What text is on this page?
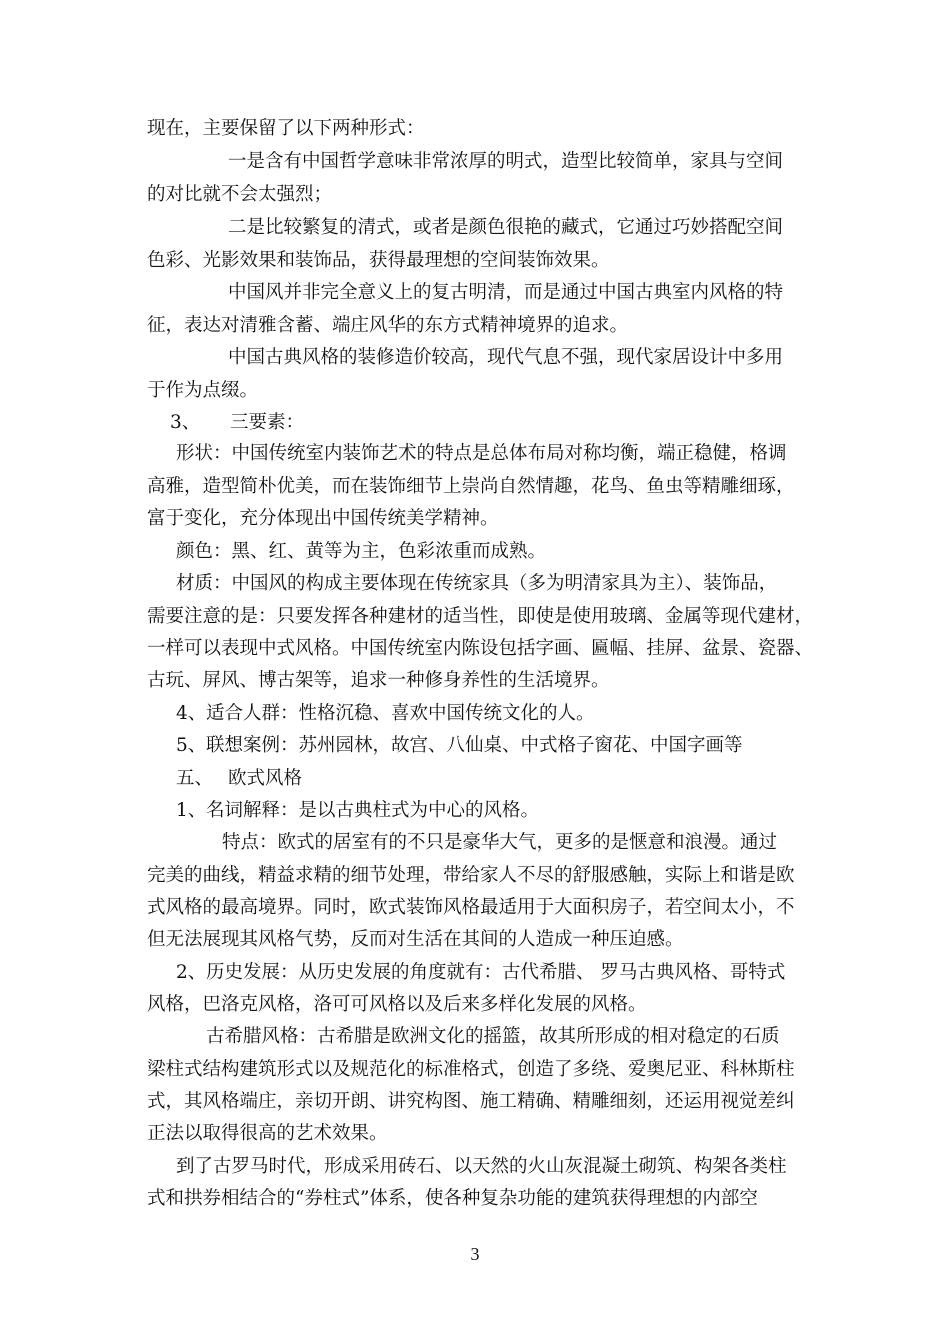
现在，主要保留了以下两种形式：
一是含有中国哲学意味非常浓厚的明式，造型比较简单，家具与空间
的对比就不会太强烈；
二是比较繁复的清式，或者是颜色很艳的藏式，它通过巧妙搭配空间
色彩、光影效果和装饰品，获得最理想的空间装饰效果。
中国风并非完全意义上的复古明清，而是通过中国古典室内风格的特
征，表达对清雅含蓄、端庄风华的东方式精神境界的追求。
中国古典风格的装修造价较高，现代气息不强，现代家居设计中多用
于作为点缀。
3、 三要素：
形状：中国传统室内装饰艺术的特点是总体布局对称均衡，端正稳健，格调
高雅，造型简朴优美，而在装饰细节上崇尚自然情趣，花鸟、鱼虫等精雕细琢，
富于变化，充分体现出中国传统美学精神。
颜色：黑、红、黄等为主，色彩浓重而成熟。
材质：中国风的构成主要体现在传统家具（多为明清家具为主）、装饰品，
需要注意的是：只要发挥各种建材的适当性，即使是使用玻璃、金属等现代建材，
一样可以表现中式风格。中国传统室内陈设包括字画、匾幅、挂屏、盆景、瓷器、
古玩、屏风、博古架等，追求一种修身养性的生活境界。
4、 适合人群：性格沉稳、喜欢中国传统文化的人。
5、 联想案例：苏州园林，故宫、八仙桌、中式格子窗花、中国字画等
五、 欧式风格
1、 名词解释：是以古典柱式为中心的风格。
特点：欧式的居室有的不只是豪华大气，更多的是惬意和浪漫。通过
完美的曲线，精益求精的细节处理，带给家人不尽的舒服感触，实际上和谐是欧
式风格的最高境界。同时，欧式装饰风格最适用于大面积房子，若空间太小，不
但无法展现其风格气势，反而对生活在其间的人造成一种压迫感。
2、 历史发展：从历史发展的角度就有：古代希腊、 罗马古典风格、哥特式
风格，巴洛克风格，洛可可风格以及后来多样化发展的风格。
古希腊风格：古希腊是欧洲文化的摇篮，故其所形成的相对稳定的石质
梁柱式结构建筑形式以及规范化的标准格式，创造了多绕、爱奥尼亚、科林斯柱
式，其风格端庄，亲切开朗、讲究构图、施工精确、精雕细刻，还运用视觉差纠
正法以取得很高的艺术效果。
到了古罗马时代，形成采用砖石、以天然的火山灰混凝土砌筑、构架各类柱
式和拱券相结合的“券柱式”体系，使各种复杂功能的建筑获得理想的内部空
3
